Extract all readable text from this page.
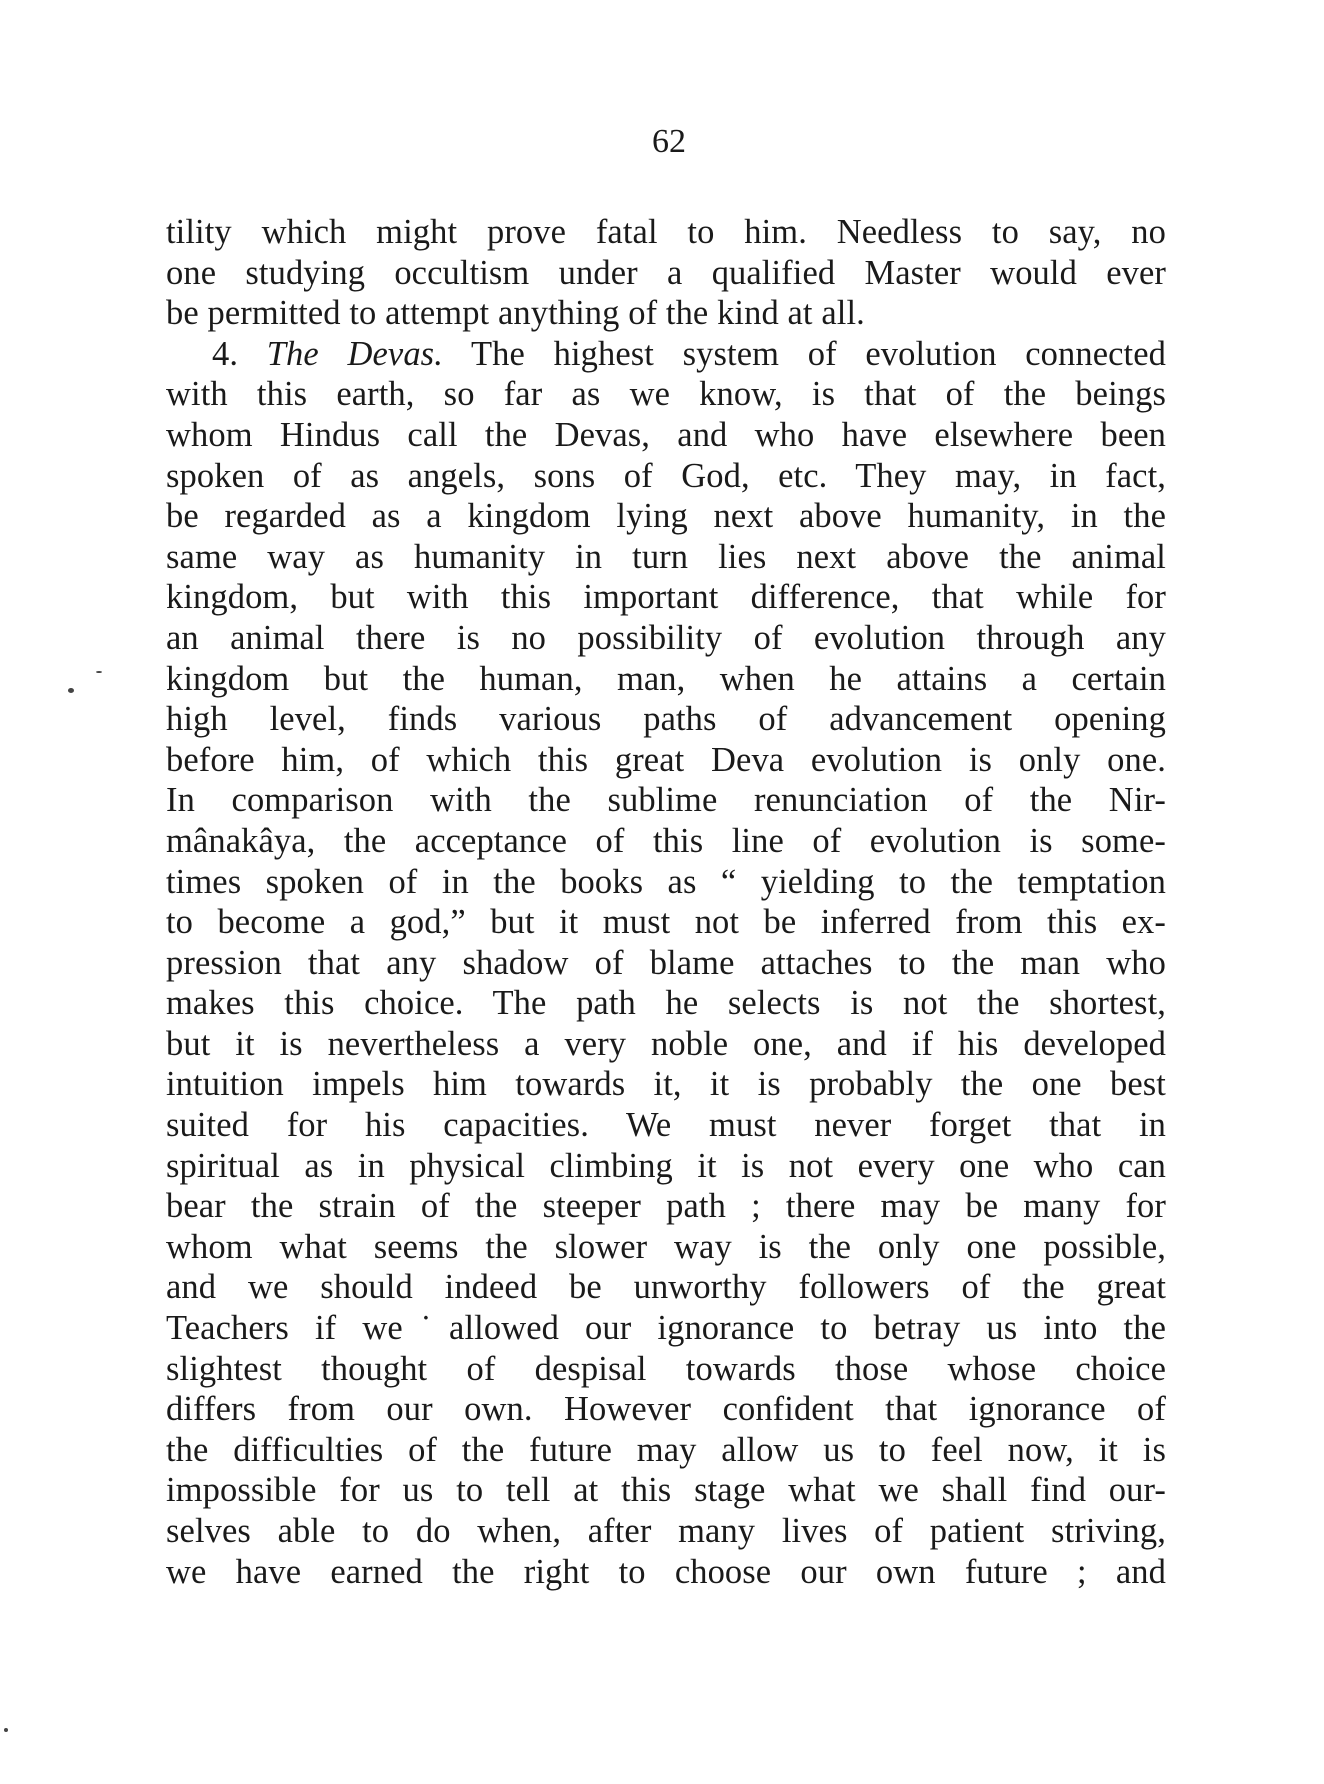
62
tility which might prove fatal to him. Needless to say, no
one studying occultism under a qualified Master would ever
be permitted to attempt anything of the kind at all.
4. The Devas. The highest system of evolution connected
with this earth, so far as we know, is that of the beings
whom Hindus call the Devas, and who have elsewhere been
spoken of as angels, sons of God, etc. They may, in fact,
be regarded as a kingdom lying next above humanity, in the
same way as humanity in turn lies next above the animal
kingdom, but with this important difference, that while for
an animal there is no possibility of evolution through any
kingdom but the human, man, when he attains a certain
high level, finds various paths of advancement opening
before him, of which this great Deva evolution is only one.
In comparison with the sublime renunciation of the Nir-
mânakâya, the acceptance of this line of evolution is some-
times spoken of in the books as “ yielding to the temptation
to become a god,” but it must not be inferred from this ex-
pression that any shadow of blame attaches to the man who
makes this choice. The path he selects is not the shortest,
but it is nevertheless a very noble one, and if his developed
intuition impels him towards it, it is probably the one best
suited for his capacities. We must never forget that in
spiritual as in physical climbing it is not every one who can
bear the strain of the steeper path ; there may be many for
whom what seems the slower way is the only one possible,
and we should indeed be unworthy followers of the great
Teachers if we˙allowed our ignorance to betray us into the
slightest thought of despisal towards those whose choice
differs from our own. However confident that ignorance of
the difficulties of the future may allow us to feel now, it is
impossible for us to tell at this stage what we shall find our-
selves able to do when, after many lives of patient striving,
we have earned the right to choose our own future ; and
